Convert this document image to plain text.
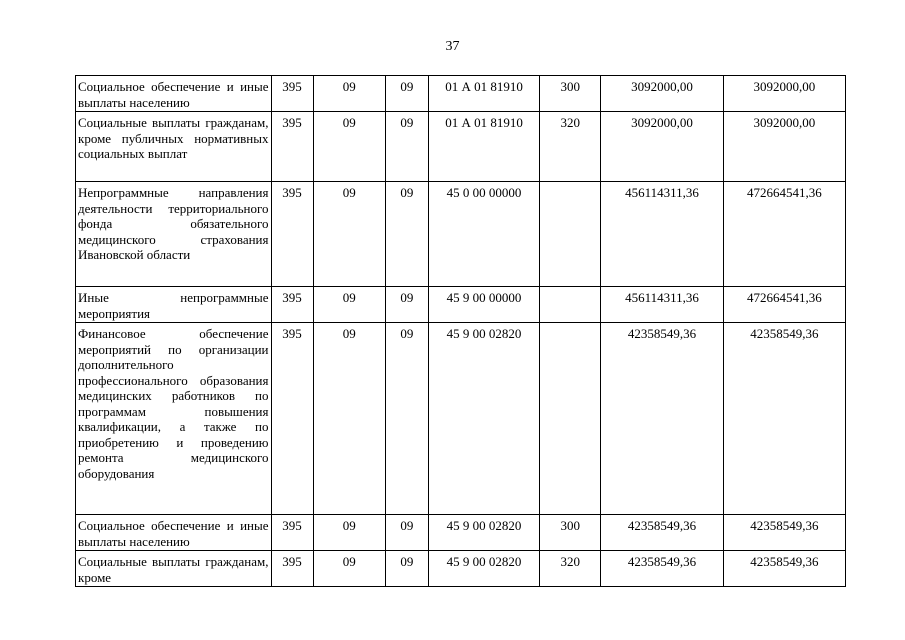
37
Социальное обеспечение и иные выплаты населению	395	09	09	01 А 01 81910	300	3092000,00	3092000,00
Социальные выплаты гражданам, кроме публичных нормативных социальных выплат	395	09	09	01 А 01 81910	320	3092000,00	3092000,00
Непрограммные направления деятельности территориального фонда обязательного медицинского страхования Ивановской области	395	09	09	45 0 00 00000		456114311,36	472664541,36
Иные непрограммные мероприятия	395	09	09	45 9 00 00000		456114311,36	472664541,36
Финансовое обеспечение мероприятий по организации дополнительного профессионального образования медицинских работников по программам повышения квалификации, а также по приобретению и проведению ремонта медицинского оборудования	395	09	09	45 9 00 02820		42358549,36	42358549,36
Социальное обеспечение и иные выплаты населению	395	09	09	45 9 00 02820	300	42358549,36	42358549,36
Социальные выплаты гражданам, кроме	395	09	09	45 9 00 02820	320	42358549,36	42358549,36
